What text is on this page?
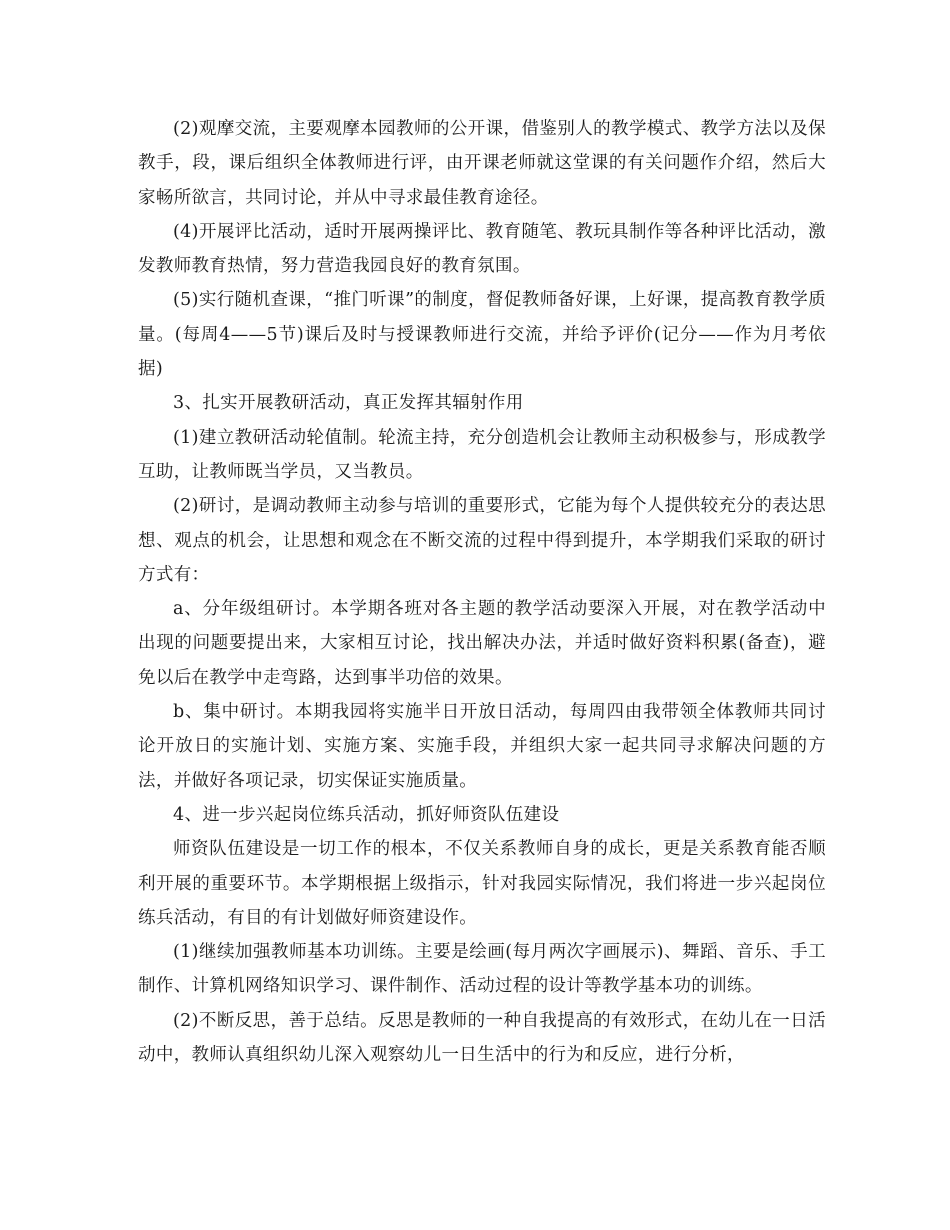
(2)观摩交流，主要观摩本园教师的公开课，借鉴别人的教学模式、教学方法以及保教手，段，课后组织全体教师进行评，由开课老师就这堂课的有关问题作介绍，然后大家畅所欲言，共同讨论，并从中寻求最佳教育途径。

(4)开展评比活动，适时开展两操评比、教育随笔、教玩具制作等各种评比活动，激发教师教育热情，努力营造我园良好的教育氛围。

(5)实行随机查课，“推门听课”的制度，督促教师备好课，上好课，提高教育教学质量。(每周4——5节)课后及时与授课教师进行交流，并给予评价(记分——作为月考依据)

3、扎实开展教研活动，真正发挥其辐射作用

(1)建立教研活动轮值制。轮流主持，充分创造机会让教师主动积极参与，形成教学互助，让教师既当学员，又当教员。

(2)研讨，是调动教师主动参与培训的重要形式，它能为每个人提供较充分的表达思想、观点的机会，让思想和观念在不断交流的过程中得到提升，本学期我们采取的研讨方式有：

a、分年级组研讨。本学期各班对各主题的教学活动要深入开展，对在教学活动中出现的问题要提出来，大家相互讨论，找出解决办法，并适时做好资料积累(备查)，避免以后在教学中走弯路，达到事半功倍的效果。

b、集中研讨。本期我园将实施半日开放日活动，每周四由我带领全体教师共同讨论开放日的实施计划、实施方案、实施手段，并组织大家一起共同寻求解决问题的方法，并做好各项记录，切实保证实施质量。

4、进一步兴起岗位练兵活动，抓好师资队伍建设

师资队伍建设是一切工作的根本，不仅关系教师自身的成长，更是关系教育能否顺利开展的重要环节。本学期根据上级指示，针对我园实际情况，我们将进一步兴起岗位练兵活动，有目的有计划做好师资建设作。

(1)继续加强教师基本功训练。主要是绘画(每月两次字画展示)、舞蹈、音乐、手工制作、计算机网络知识学习、课件制作、活动过程的设计等教学基本功的训练。

(2)不断反思，善于总结。反思是教师的一种自我提高的有效形式，在幼儿在一日活动中，教师认真组织幼儿深入观察幼儿一日生活中的行为和反应，进行分析，
